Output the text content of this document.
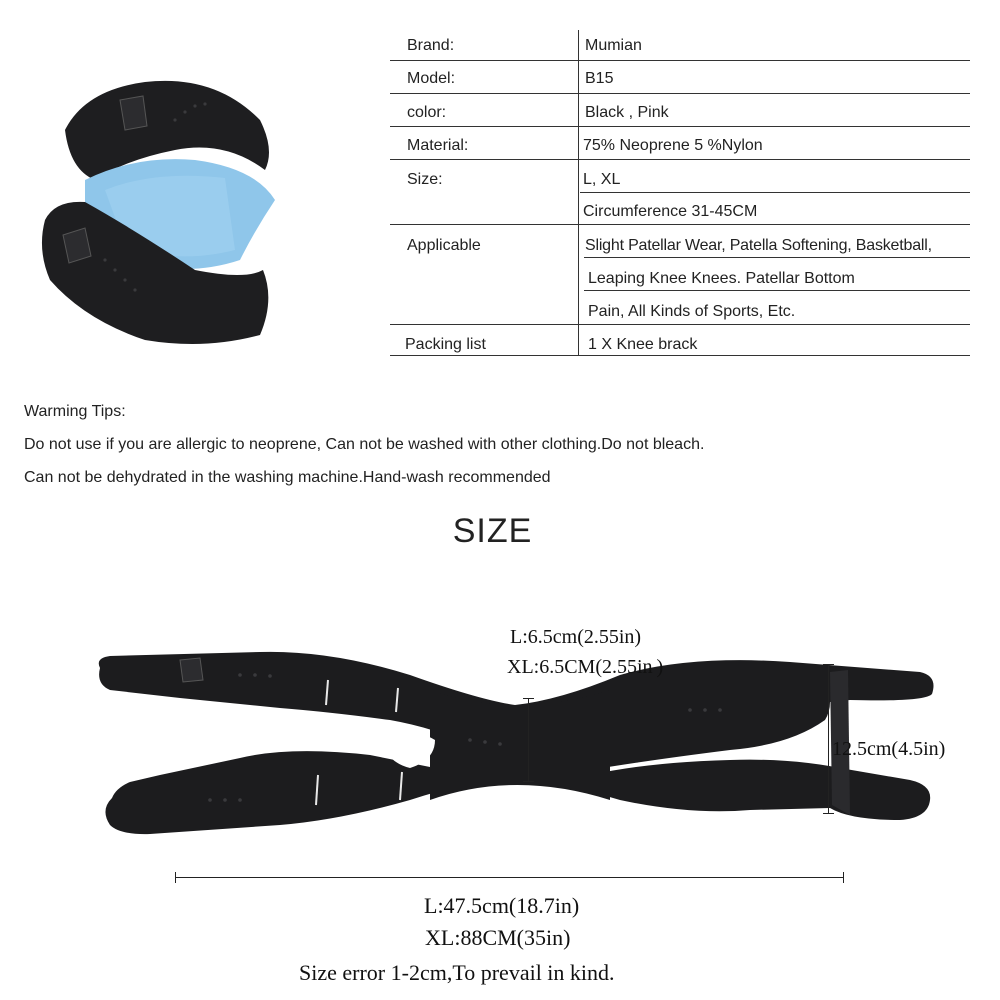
Brand:	Mumian
Model:	B15
color:	Black , Pink
Material:	75% Neoprene 5 %Nylon
Size:	L, XL
Circumference 31-45CM
Applicable	Slight Patellar Wear, Patella Softening, Basketball,
Leaping Knee Knees. Patellar Bottom
Pain, All Kinds of Sports, Etc.
Packing list	1 X Knee brack
Warming Tips:
Do not use if you are allergic to neoprene, Can not be washed with other clothing.Do not bleach.
Can not be dehydrated in the washing machine.Hand-wash recommended
SIZE
L:6.5cm(2.55in)
XL:6.5CM(2.55in )
12.5cm(4.5in)
L:47.5cm(18.7in)
XL:88CM(35in)
Size error 1-2cm,To prevail in kind.
